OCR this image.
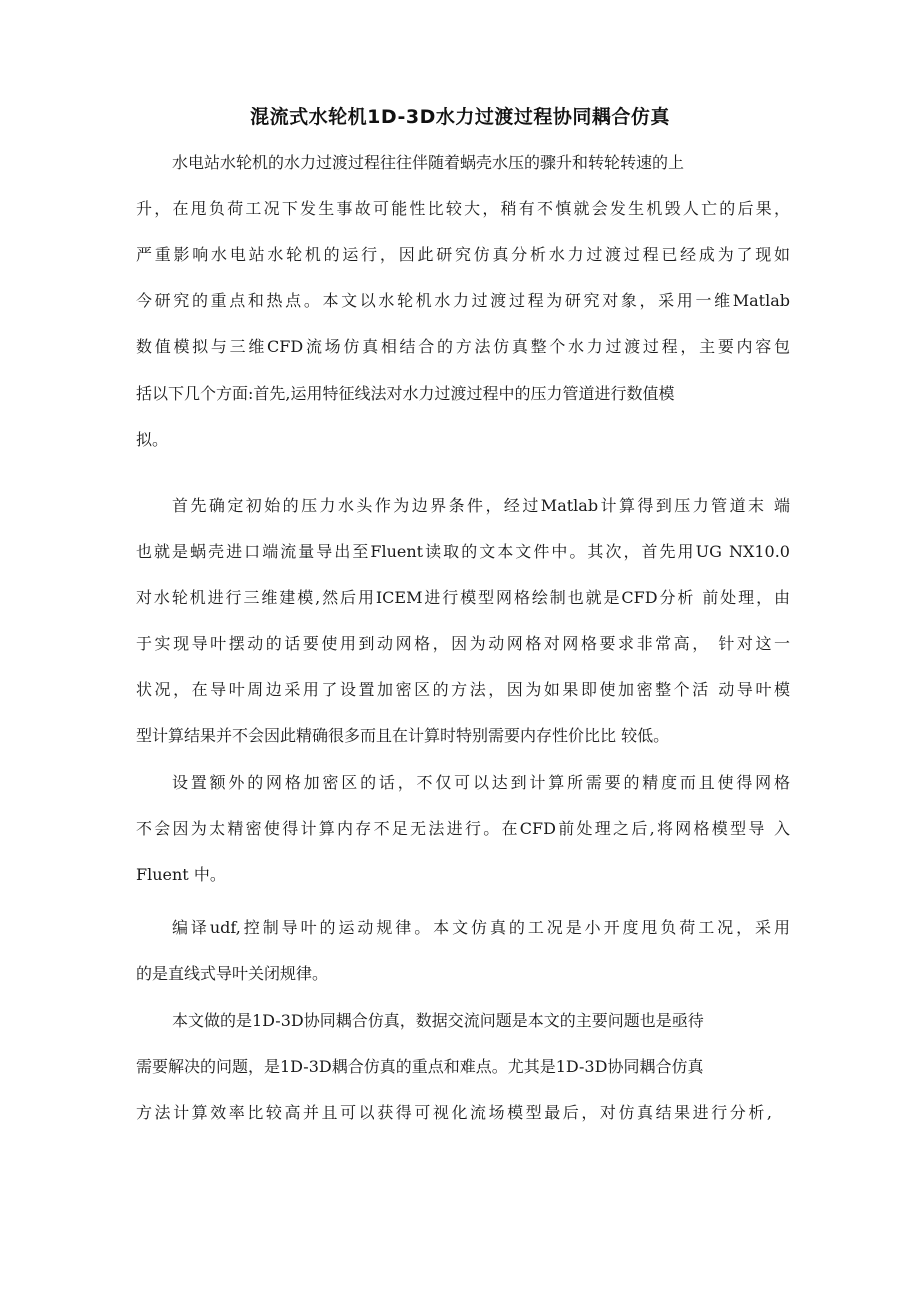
混流式水轮机1D-3D水力过渡过程协同耦合仿真
水电站水轮机的水力过渡过程往往伴随着蜗壳水压的骤升和转轮转速的上
升，在甩负荷工况下发生事故可能性比较大，稍有不慎就会发生机毁人亡的后果，
严重影响水电站水轮机的运行，因此研究仿真分析水力过渡过程已经成为了现如
今研究的重点和热点。本文以水轮机水力过渡过程为研究对象，采用一维Matlab
数值模拟与三维CFD流场仿真相结合的方法仿真整个水力过渡过程，主要内容包
括以下几个方面:首先,运用特征线法对水力过渡过程中的压力管道进行数值模
拟。
首先确定初始的压力水头作为边界条件，经过Matlab计算得到压力管道末 端
也就是蜗壳进口端流量导出至Fluent读取的文本文件中。其次，首先用UG NX10.0
对水轮机进行三维建模,然后用ICEM进行模型网格绘制也就是CFD分析 前处理，由
于实现导叶摆动的话要使用到动网格，因为动网格对网格要求非常高， 针对这一
状况，在导叶周边采用了设置加密区的方法，因为如果即使加密整个活 动导叶模
型计算结果并不会因此精确很多而且在计算时特别需要内存性价比比 较低。
设置额外的网格加密区的话，不仅可以达到计算所需要的精度而且使得网格
不会因为太精密使得计算内存不足无法进行。在CFD前处理之后,将网格模型导 入
Fluent 中。
编译udf,控制导叶的运动规律。本文仿真的工况是小开度甩负荷工况，采用
的是直线式导叶关闭规律。
本文做的是1D-3D协同耦合仿真，数据交流问题是本文的主要问题也是亟待
需要解决的问题，是1D-3D耦合仿真的重点和难点。尤其是1D-3D协同耦合仿真
方法计算效率比较高并且可以获得可视化流场模型最后，对仿真结果进行分析,
